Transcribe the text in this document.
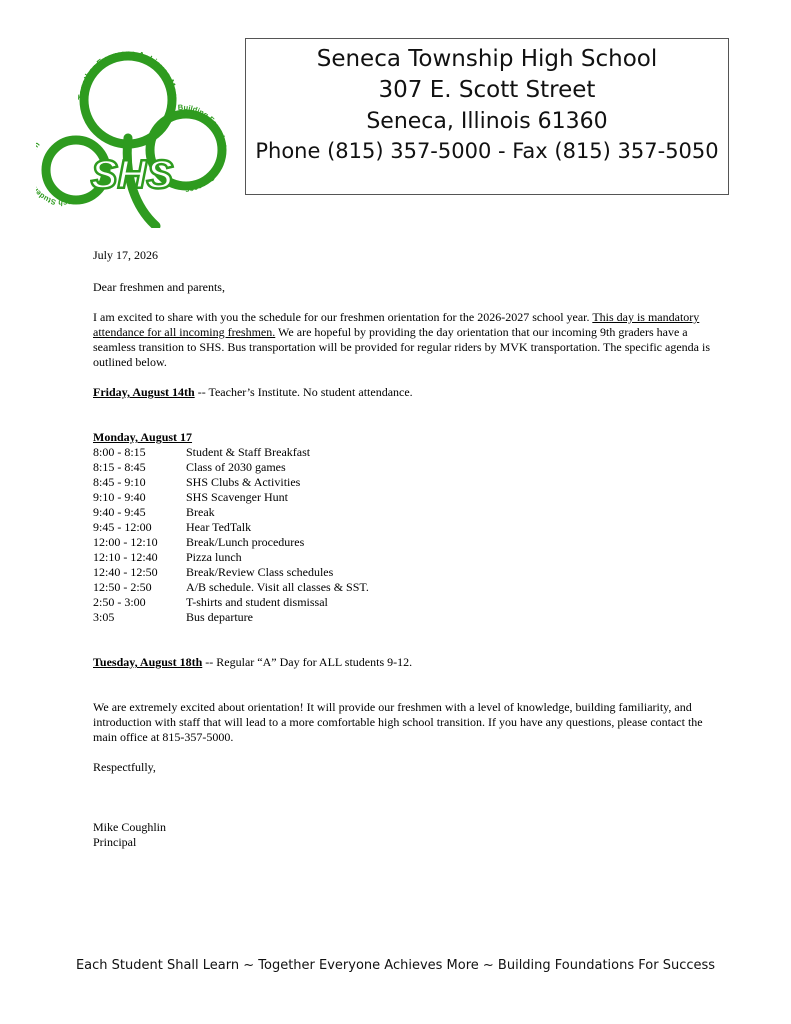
Together Everyone Achieves More
Building Foundations For Success
Each Stud	SHS
Seneca Township High School
307 E. Scott Street
Seneca, Illinois 61360
Phone (815) 357-5000 - Fax (815) 357-5050

July 17, 2026

Dear freshmen and parents,

I am excited to share with you the schedule for our freshmen orientation for the 2026-2027 school year. This day is mandatory attendance for all incoming freshmen. We are hopeful by providing the day orientation that our incoming 9th graders have a seamless transition to SHS. Bus transportation will be provided for regular riders by MVK transportation. The specific agenda is outlined below.

Friday, August 14th -- Teacher’s Institute. No student attendance.

Monday, August 17

8:00 - 8:15	Student & Staff Breakfast
8:15 - 8:45	Class of 2030 games
8:45 - 9:10	SHS Clubs & Activities
9:10 - 9:40	SHS Scavenger Hunt
9:40 - 9:45	Break
9:45 - 12:00	Hear TedTalk
12:00 - 12:10	Break/Lunch procedures
12:10 - 12:40	Pizza lunch
12:40 - 12:50	Break/Review Class schedules
12:50 - 2:50	A/B schedule. Visit all classes & SST.
2:50 - 3:00	T-shirts and student dismissal
3:05	Bus departure

Tuesday, August 18th -- Regular “A” Day for ALL students 9-12.

We are extremely excited about orientation! It will provide our freshmen with a level of knowledge, building familiarity, and introduction with staff that will lead to a more comfortable high school transition. If you have any questions, please contact the main office at 815-357-5000.

Respectfully,

Mike Coughlin

Principal

Each Student Shall Learn ~ Together Everyone Achieves More ~ Building Foundations For Success
